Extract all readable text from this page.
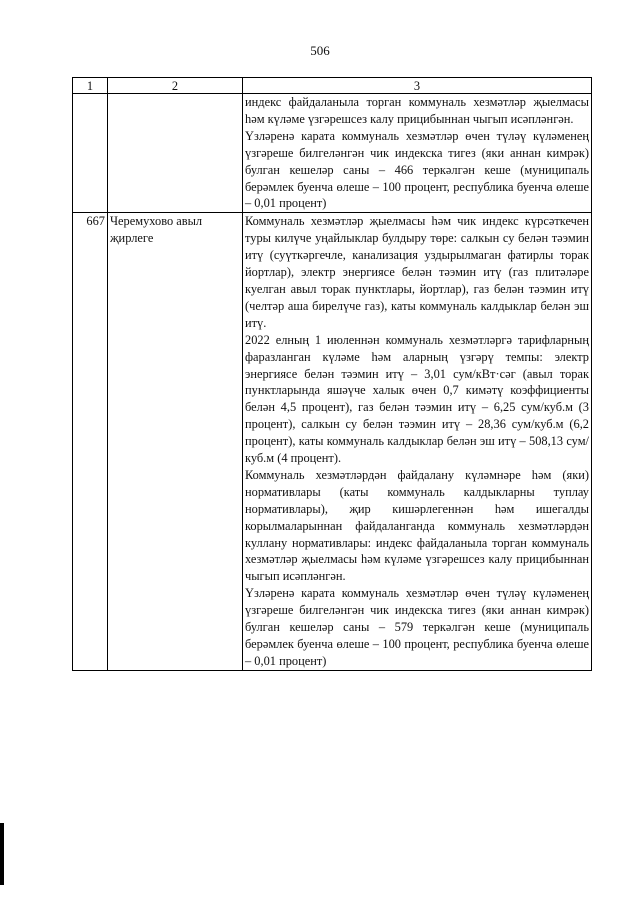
506
1	2	3

		индекс файдаланыла торган коммуналь хезмәтләр җыелмасы һәм күләме үзгәрешсез калу прицибыннан чыгып исәпләнгән.

Үзләренә карата коммуналь хезмәтләр өчен түләү күләменең үзгәреше билгеләнгән чик индекска тигез (яки аннан кимрәк) булган кешеләр саны – 466 теркәлгән кеше (муниципаль берәмлек буенча өлеше – 100 процент, республика буенча өлеше – 0,01 процент)

667	Черемухово авыл җирлеге	Коммуналь хезмәтләр җыелмасы һәм чик индекс күрсәткечен туры килүче уңайлыклар булдыру төре: салкын су белән тәэмин итү (суүткәргечле, канализация уздырылмаган фатирлы торак йортлар), электр энергиясе белән тәэмин итү (газ плитәләре куелган авыл торак пунктлары, йортлар), газ белән тәэмин итү (челтәр аша бирелүче газ), каты коммуналь калдыклар белән эш итү.

2022 елның 1 июленнән коммуналь хезмәтләргә тарифларның фаразланган күләме һәм аларның үзгәрү темпы: электр энергиясе белән тәэмин итү – 3,01 сум/кВт·сәг (авыл торак пунктларында яшәүче халык өчен 0,7 кимәтү коэффициенты белән 4,5 процент), газ белән тәэмин итү – 6,25 сум/куб.м (3 процент), салкын су белән тәэмин итү – 28,36 сум/куб.м (6,2 процент), каты коммуналь калдыклар белән эш итү – 508,13 сум/куб.м (4 процент).

Коммуналь хезмәтләрдән файдалану күләмнәре һәм (яки) нормативлары (каты коммуналь калдыкларны туплау нормативлары), җир кишәрлегеннән һәм ишегалды корылмаларыннан файдаланганда коммуналь хезмәтләрдән куллану нормативлары: индекс файдаланыла торган коммуналь хезмәтләр җыелмасы һәм күләме үзгәрешсез калу прицибыннан чыгып исәпләнгән.

Үзләренә карата коммуналь хезмәтләр өчен түләү күләменең үзгәреше билгеләнгән чик индекска тигез (яки аннан кимрәк) булган кешеләр саны – 579 теркәлгән кеше (муниципаль берәмлек буенча өлеше – 100 процент, республика буенча өлеше – 0,01 процент)
